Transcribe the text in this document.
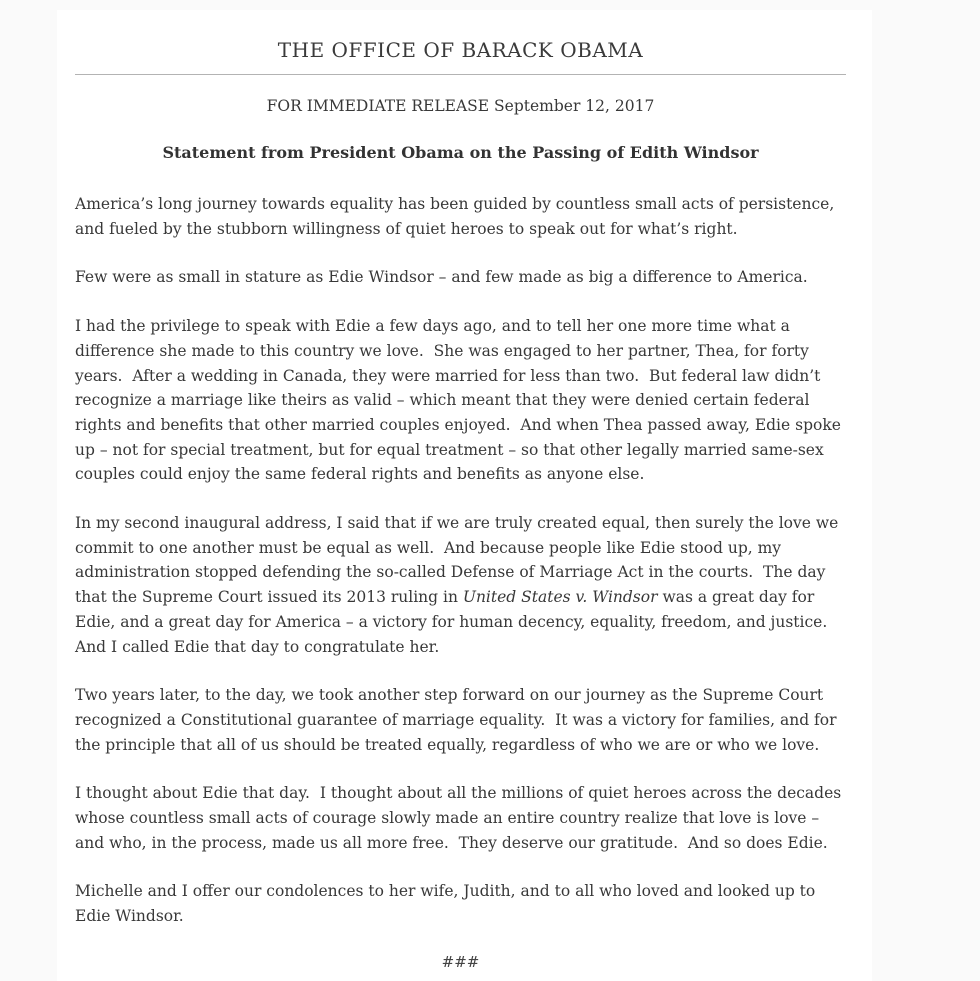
THE OFFICE OF BARACK OBAMA
FOR IMMEDIATE RELEASE September 12, 2017
Statement from President Obama on the Passing of Edith Windsor

America’s long journey towards equality has been guided by countless small acts of persistence, and fueled by the stubborn willingness of quiet heroes to speak out for what’s right.

Few were as small in stature as Edie Windsor – and few made as big a difference to America.

I had the privilege to speak with Edie a few days ago, and to tell her one more time what a difference she made to this country we love.  She was engaged to her partner, Thea, for forty years.  After a wedding in Canada, they were married for less than two.  But federal law didn’t recognize a marriage like theirs as valid – which meant that they were denied certain federal rights and benefits that other married couples enjoyed.  And when Thea passed away, Edie spoke up – not for special treatment, but for equal treatment – so that other legally married same-sex couples could enjoy the same federal rights and benefits as anyone else.

In my second inaugural address, I said that if we are truly created equal, then surely the love we commit to one another must be equal as well.  And because people like Edie stood up, my administration stopped defending the so-called Defense of Marriage Act in the courts.  The day that the Supreme Court issued its 2013 ruling in United States v. Windsor was a great day for Edie, and a great day for America – a victory for human decency, equality, freedom, and justice.  And I called Edie that day to congratulate her.

Two years later, to the day, we took another step forward on our journey as the Supreme Court recognized a Constitutional guarantee of marriage equality.  It was a victory for families, and for the principle that all of us should be treated equally, regardless of who we are or who we love.

I thought about Edie that day.  I thought about all the millions of quiet heroes across the decades whose countless small acts of courage slowly made an entire country realize that love is love – and who, in the process, made us all more free.  They deserve our gratitude.  And so does Edie.

Michelle and I offer our condolences to her wife, Judith, and to all who loved and looked up to Edie Windsor.

###
